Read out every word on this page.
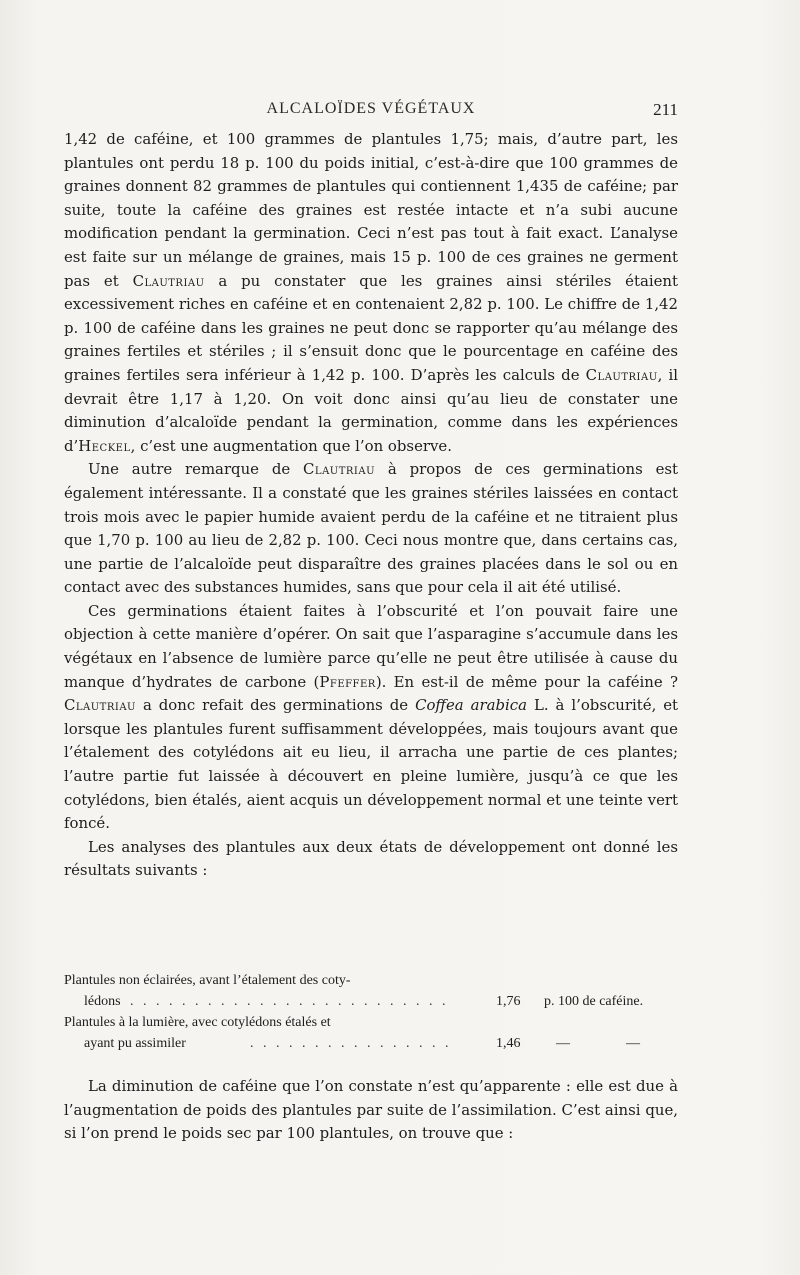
ALCALOÏDES VÉGÉTAUX	211

1,42 de caféine, et 100 grammes de plantules 1,75; mais, d’autre part, les plantules ont perdu 18 p. 100 du poids initial, c’est-à-dire que 100 grammes de graines donnent 82 grammes de plantules qui contiennent 1,435 de caféine; par suite, toute la caféine des graines est restée intacte et n’a subi aucune modification pendant la germination. Ceci n’est pas tout à fait exact. L’analyse est faite sur un mélange de graines, mais 15 p. 100 de ces graines ne germent pas et Clautriau a pu constater que les graines ainsi stériles étaient excessivement riches en caféine et en contenaient 2,82 p. 100. Le chiffre de 1,42 p. 100 de caféine dans les graines ne peut donc se rapporter qu’au mélange des graines fertiles et stériles ; il s’ensuit donc que le pourcentage en caféine des graines fertiles sera inférieur à 1,42 p. 100. D’après les calculs de Clautriau, il devrait être 1,17 à 1,20. On voit donc ainsi qu’au lieu de constater une diminution d’alcaloïde pendant la germination, comme dans les expériences d’Heckel, c’est une augmentation que l’on observe.

Une autre remarque de Clautriau à propos de ces germinations est également intéressante. Il a constaté que les graines stériles laissées en contact trois mois avec le papier humide avaient perdu de la caféine et ne titraient plus que 1,70 p. 100 au lieu de 2,82 p. 100. Ceci nous montre que, dans certains cas, une partie de l’alcaloïde peut disparaître des graines placées dans le sol ou en contact avec des substances humides, sans que pour cela il ait été utilisé.

Ces germinations étaient faites à l’obscurité et l’on pouvait faire une objection à cette manière d’opérer. On sait que l’asparagine s’accumule dans les végétaux en l’absence de lumière parce qu’elle ne peut être utilisée à cause du manque d’hydrates de carbone (Pfeffer). En est-il de même pour la caféine ? Clautriau a donc refait des germinations de Coffea arabica L. à l’obscurité, et lorsque les plantules furent suffisamment développées, mais toujours avant que l’étalement des cotylédons ait eu lieu, il arracha une partie de ces plantes; l’autre partie fut laissée à découvert en pleine lumière, jusqu’à ce que les cotylédons, bien étalés, aient acquis un développement normal et une teinte vert foncé.

Les analyses des plantules aux deux états de développement ont donné les résultats suivants :

Plantules non éclairées, avant l’étalement des coty-
lédons . . . . . . . . . . . . . . . . . . . . . . . . .	1,76 p. 100 de caféine.
Plantules à la lumière, avec cotylédons étalés et
ayant pu assimiler	. . . . . . . . . . . . . . . .	1,46	—	—

La diminution de caféine que l’on constate n’est qu’apparente : elle est due à l’augmentation de poids des plantules par suite de l’assimilation. C’est ainsi que, si l’on prend le poids sec par 100 plantules, on trouve que :
